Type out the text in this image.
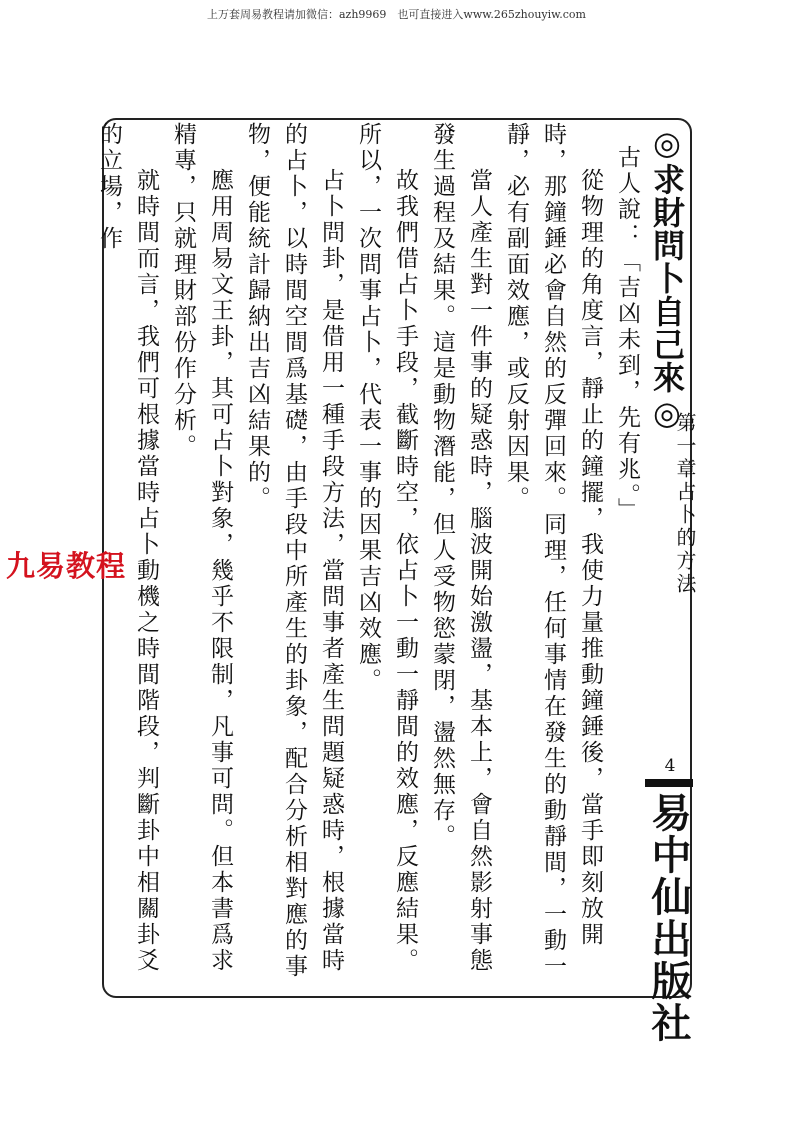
上万套周易教程请加微信：azh9969　也可直接进入www.265zhouyiw.com

古人說：「吉凶未到，先有兆。」

從物理的角度言，靜止的鐘擺，我使力量推動鐘錘後，當手即刻放開時，那鐘錘必會自然的反彈回來。同理，任何事情在發生的動靜間，一動一靜，必有副面效應，或反射因果。

當人產生對一件事的疑惑時，腦波開始激盪，基本上，會自然影射事態發生過程及結果。這是動物潛能，但人受物慾蒙閉，盪然無存。

故我們借占卜手段，截斷時空，依占卜一動一靜間的效應，反應結果。所以，一次問事占卜，代表一事的因果吉凶效應。

占卜問卦，是借用一種手段方法，當問事者產生問題疑惑時，根據當時的占卜，以時間空間爲基礎，由手段中所產生的卦象，配合分析相對應的事物，便能統計歸納出吉凶結果的。

應用周易文王卦，其可占卜對象，幾乎不限制，凡事可問。但本書爲求精專，只就理財部份作分析。

就時間而言，我們可根據當時占卜動機之時間階段，判斷卦中相關卦爻的立場，作	◎求財問卜自己來◎
第一章占卜的方法
4
易中仙出版社
九易教程
